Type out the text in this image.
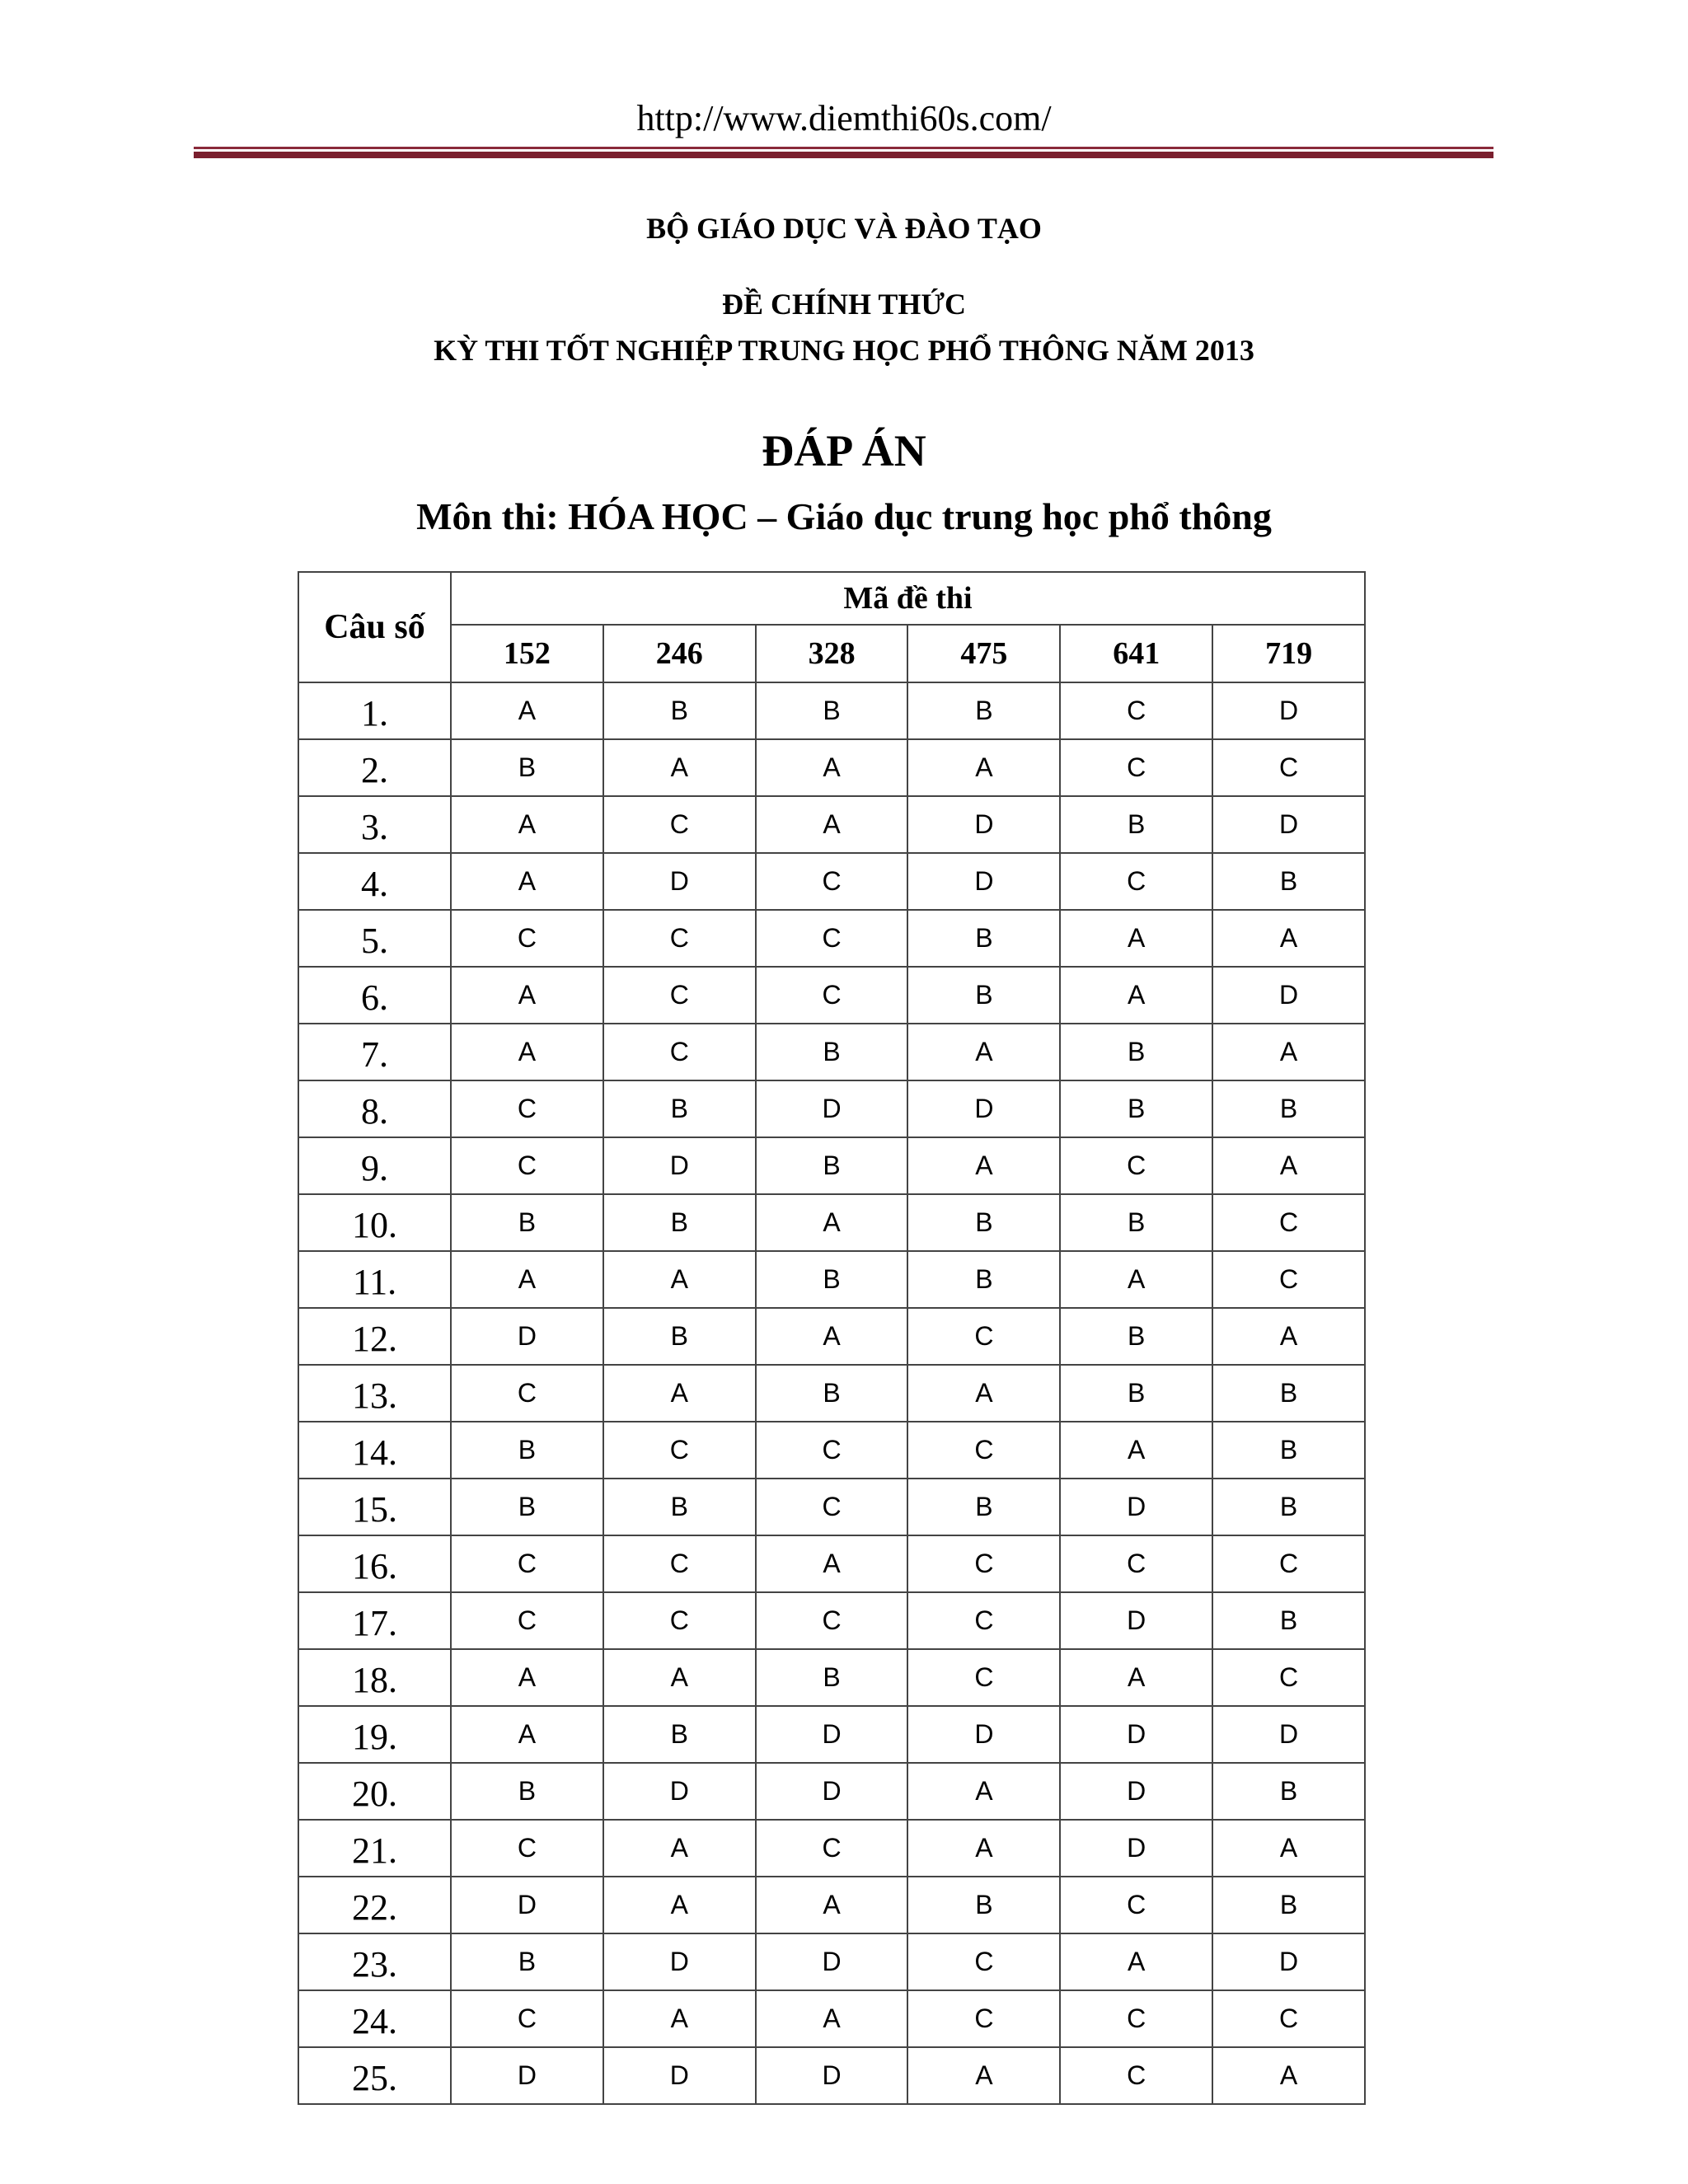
http://www.diemthi60s.com/
BỘ GIÁO DỤC VÀ ĐÀO TẠO
ĐỀ CHÍNH THỨC
KỲ THI TỐT NGHIỆP TRUNG HỌC PHỔ THÔNG NĂM 2013
ĐÁP ÁN
Môn thi: HÓA HỌC – Giáo dục trung học phổ thông
Câu số	Mã đề thi					
	152	246	328	475	641	719
1.	A	B	B	B	C	D
2.	B	A	A	A	C	C
3.	A	C	A	D	B	D
4.	A	D	C	D	C	B
5.	C	C	C	B	A	A
6.	A	C	C	B	A	D
7.	A	C	B	A	B	A
8.	C	B	D	D	B	B
9.	C	D	B	A	C	A
10.	B	B	A	B	B	C
11.	A	A	B	B	A	C
12.	D	B	A	C	B	A
13.	C	A	B	A	B	B
14.	B	C	C	C	A	B
15.	B	B	C	B	D	B
16.	C	C	A	C	C	C
17.	C	C	C	C	D	B
18.	A	A	B	C	A	C
19.	A	B	D	D	D	D
20.	B	D	D	A	D	B
21.	C	A	C	A	D	A
22.	D	A	A	B	C	B
23.	B	D	D	C	A	D
24.	C	A	A	C	C	C
25.	D	D	D	A	C	A
